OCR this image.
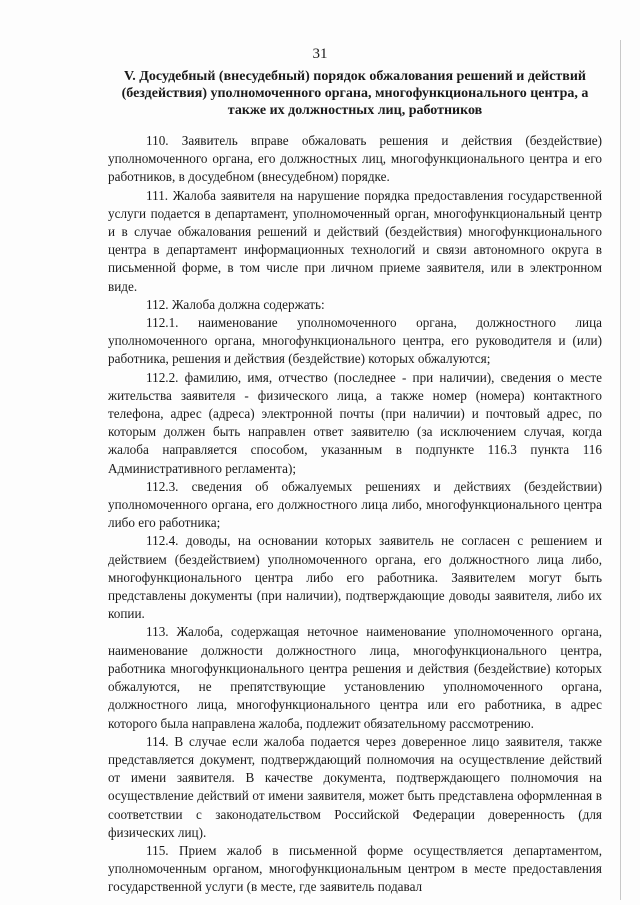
31
V. Досудебный (внесудебный) порядок обжалования решений и действий (бездействия) уполномоченного органа, многофункционального центра, а также их должностных лиц, работников

110. Заявитель вправе обжаловать решения и действия (бездействие) уполномоченного органа, его должностных лиц, многофункционального центра и его работников, в досудебном (внесудебном) порядке.

111. Жалоба заявителя на нарушение порядка предоставления государственной услуги подается в департамент, уполномоченный орган, многофункциональный центр и в случае обжалования решений и действий (бездействия) многофункционального центра в департамент информационных технологий и связи автономного округа в письменной форме, в том числе при личном приеме заявителя, или в электронном виде.

112. Жалоба должна содержать:

112.1. наименование уполномоченного органа, должностного лица уполномоченного органа, многофункционального центра, его руководителя и (или) работника, решения и действия (бездействие) которых обжалуются;

112.2. фамилию, имя, отчество (последнее - при наличии), сведения о месте жительства заявителя - физического лица, а также номер (номера) контактного телефона, адрес (адреса) электронной почты (при наличии) и почтовый адрес, по которым должен быть направлен ответ заявителю (за исключением случая, когда жалоба направляется способом, указанным в подпункте 116.3 пункта 116 Административного регламента);

112.3. сведения об обжалуемых решениях и действиях (бездействии) уполномоченного органа, его должностного лица либо, многофункционального центра либо его работника;

112.4. доводы, на основании которых заявитель не согласен с решением и действием (бездействием) уполномоченного органа, его должностного лица либо, многофункционального центра либо его работника. Заявителем могут быть представлены документы (при наличии), подтверждающие доводы заявителя, либо их копии.

113. Жалоба, содержащая неточное наименование уполномоченного органа, наименование должности должностного лица, многофункционального центра, работника многофункционального центра решения и действия (бездействие) которых обжалуются, не препятствующие установлению уполномоченного органа, должностного лица, многофункционального центра или его работника, в адрес которого была направлена жалоба, подлежит обязательному рассмотрению.

114. В случае если жалоба подается через доверенное лицо заявителя, также представляется документ, подтверждающий полномочия на осуществление действий от имени заявителя. В качестве документа, подтверждающего полномочия на осуществление действий от имени заявителя, может быть представлена оформленная в соответствии с законодательством Российской Федерации доверенность (для физических лиц).

115. Прием жалоб в письменной форме осуществляется департаментом, уполномоченным органом, многофункциональным центром в месте предоставления государственной услуги (в месте, где заявитель подавал
